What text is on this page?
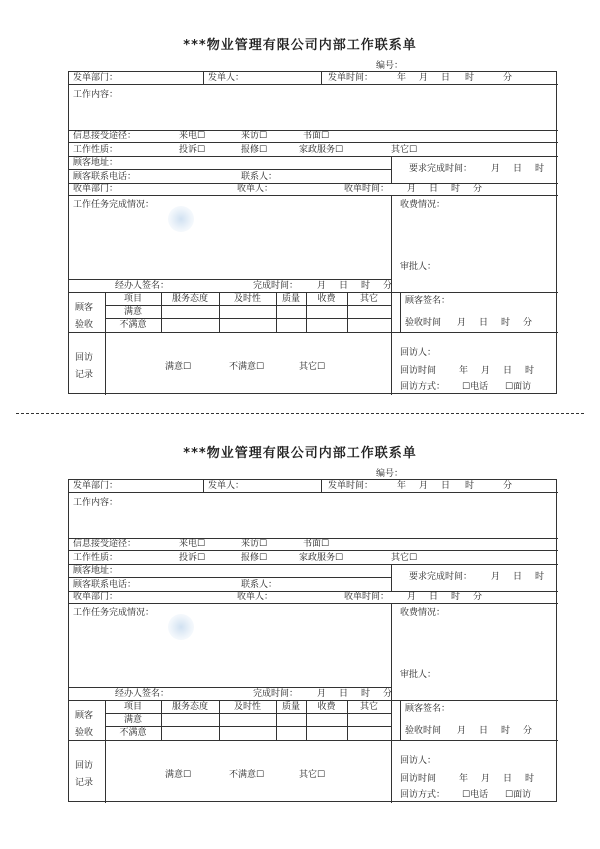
***物业管理有限公司内部工作联系单
编号：
发单部门：	发单人：	发单时间：	年 月 日 时	分
工作内容：
信息接受途径：	来电☐	来访☐	书面☐
工作性质：	投诉☐	报修☐	家政服务☐	其它☐
顾客地址：
顾客联系电话：	联系人：
要求完成时间： 月 日 时
收单部门：	收单人：	收单时间： 月 日 时 分
工作任务完成情况：	收费情况：
审批人：
经办人签名：	完成时间： 月 日 时 分
顾客
验收
项目	服务态度	及时性	质量	收费	其它
满意
不满意
顾客签名：
验收时间 月 日 时 分
回访
记录
满意☐	不满意☐	其它☐
回访人：
回访时间	年 月 日 时
回访方式： ☐电话 ☐面访
***物业管理有限公司内部工作联系单
编号：
发单部门：	发单人：	发单时间：	年 月 日 时	分
工作内容：
信息接受途径：	来电☐	来访☐	书面☐
工作性质：	投诉☐	报修☐	家政服务☐	其它☐
顾客地址：
顾客联系电话：	联系人：
要求完成时间： 月 日 时
收单部门：	收单人：	收单时间： 月 日 时 分
工作任务完成情况：	收费情况：
审批人：
经办人签名：	完成时间： 月 日 时 分
顾客
验收
项目	服务态度	及时性	质量	收费	其它
满意
不满意
顾客签名：
验收时间 月 日 时 分
回访
记录
满意☐	不满意☐	其它☐
回访人：
回访时间	年 月 日 时
回访方式： ☐电话 ☐面访
